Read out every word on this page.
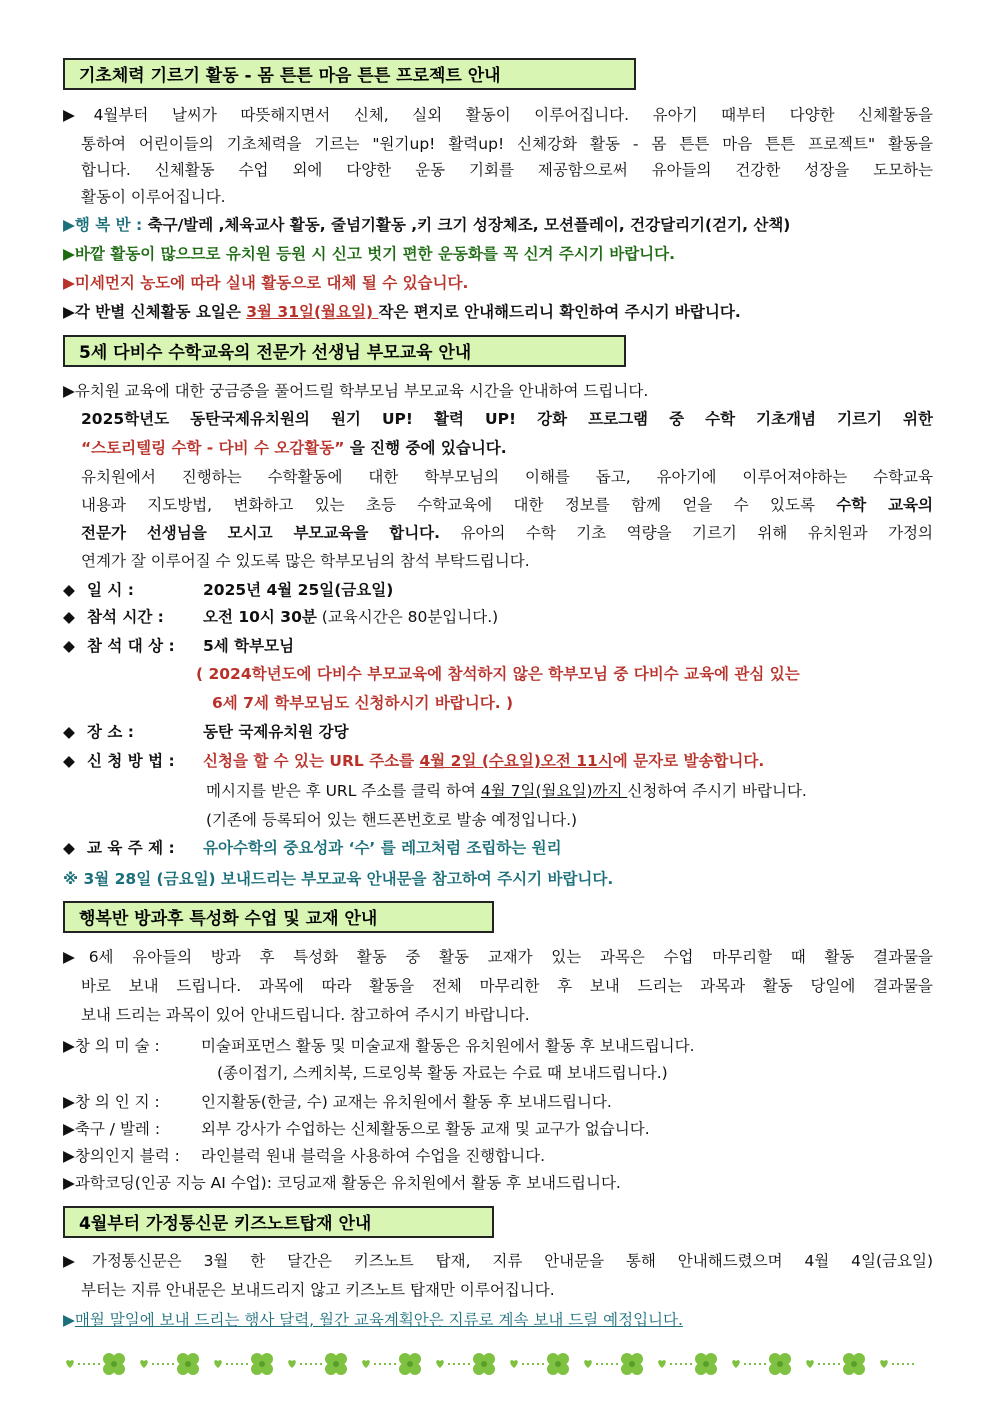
기초체력 기르기 활동 - 몸 튼튼 마음 튼튼 프로젝트 안내
▶4월부터 날씨가 따뜻해지면서 신체, 실외 활동이 이루어집니다. 유아기 때부터 다양한 신체활동을
통하여 어린이들의 기초체력을 기르는 "원기up! 활력up! 신체강화 활동 - 몸 튼튼 마음 튼튼 프로젝트" 활동을
합니다. 신체활동 수업 외에 다양한 운동 기회를 제공함으로써 유아들의 건강한 성장을 도모하는
활동이 이루어집니다.
▶행 복 반 : 축구/발레 ,체육교사 활동, 줄넘기활동 ,키 크기 성장체조, 모션플레이, 건강달리기(걷기, 산책)
▶바깥 활동이 많으므로 유치원 등원 시 신고 벗기 편한 운동화를 꼭 신겨 주시기 바랍니다.
▶미세먼지 농도에 따라 실내 활동으로 대체 될 수 있습니다.
▶각 반별 신체활동 요일은 3월 31일(월요일) 작은 편지로 안내해드리니 확인하여 주시기 바랍니다.
5세 다비수 수학교육의 전문가 선생님 부모교육 안내
▶유치원 교육에 대한 궁금증을 풀어드릴 학부모님 부모교육 시간을 안내하여 드립니다.
2025학년도 동탄국제유치원의 원기 UP! 활력 UP! 강화 프로그램 중 수학 기초개념 기르기 위한
“스토리텔링 수학 - 다비 수 오감활동” 을 진행 중에 있습니다.
유치원에서 진행하는 수학활동에 대한 학부모님의 이해를 돕고, 유아기에 이루어져야하는 수학교육
내용과 지도방법, 변화하고 있는 초등 수학교육에 대한 정보를 함께 얻을 수 있도록 수학 교육의
전문가 선생님을 모시고 부모교육을 합니다. 유아의 수학 기초 역량을 기르기 위해 유치원과 가정의
연계가 잘 이루어질 수 있도록 많은 학부모님의 참석 부탁드립니다.
◆ 일 시 :	2025년 4월 25일(금요일)
◆ 참석 시간 :	오전 10시 30분 (교육시간은 80분입니다.)
◆ 참 석 대 상 : 5세 학부모님
( 2024학년도에 다비수 부모교육에 참석하지 않은 학부모님 중 다비수 교육에 관심 있는
6세 7세 학부모님도 신청하시기 바랍니다. )
◆ 장 소 :	동탄 국제유치원 강당
◆ 신 청 방 법 : 신청을 할 수 있는 URL 주소를 4월 2일 (수요일)오전 11시에 문자로 발송합니다.
메시지를 받은 후 URL 주소를 클릭 하여 4월 7일(월요일)까지 신청하여 주시기 바랍니다.
(기존에 등록되어 있는 핸드폰번호로 발송 예정입니다.)
◆ 교 육 주 제 : 유아수학의 중요성과 ‘수’ 를 레고처럼 조립하는 원리
※ 3월 28일 (금요일) 보내드리는 부모교육 안내문을 참고하여 주시기 바랍니다.
행복반 방과후 특성화 수업 및 교재 안내
▶6세 유아들의 방과 후 특성화 활동 중 활동 교재가 있는 과목은 수업 마무리할 때 활동 결과물을
바로 보내 드립니다. 과목에 따라 활동을 전체 마무리한 후 보내 드리는 과목과 활동 당일에 결과물을
보내 드리는 과목이 있어 안내드립니다. 참고하여 주시기 바랍니다.
▶창 의 미 술 :	미술퍼포먼스 활동 및 미술교재 활동은 유치원에서 활동 후 보내드립니다.
(종이접기, 스케치북, 드로잉북 활동 자료는 수료 때 보내드립니다.)
▶창 의 인 지 :	인지활동(한글, 수) 교재는 유치원에서 활동 후 보내드립니다.
▶축구 / 발레 :	외부 강사가 수업하는 신체활동으로 활동 교재 및 교구가 없습니다.
▶창의인지 블럭 : 라인블럭 원내 블럭을 사용하여 수업을 진행합니다.
▶과학코딩(인공 지능 AI 수업): 코딩교재 활동은 유치원에서 활동 후 보내드립니다.
4월부터 가정통신문 키즈노트탑재 안내
▶가정통신문은 3월 한 달간은 키즈노트 탑재, 지류 안내문을 통해 안내해드렸으며 4월 4일(금요일)
부터는 지류 안내문은 보내드리지 않고 키즈노트 탑재만 이루어집니다.
▶매월 말일에 보내 드리는 행사 달력, 월간 교육계획안은 지류로 계속 보내 드릴 예정입니다.
